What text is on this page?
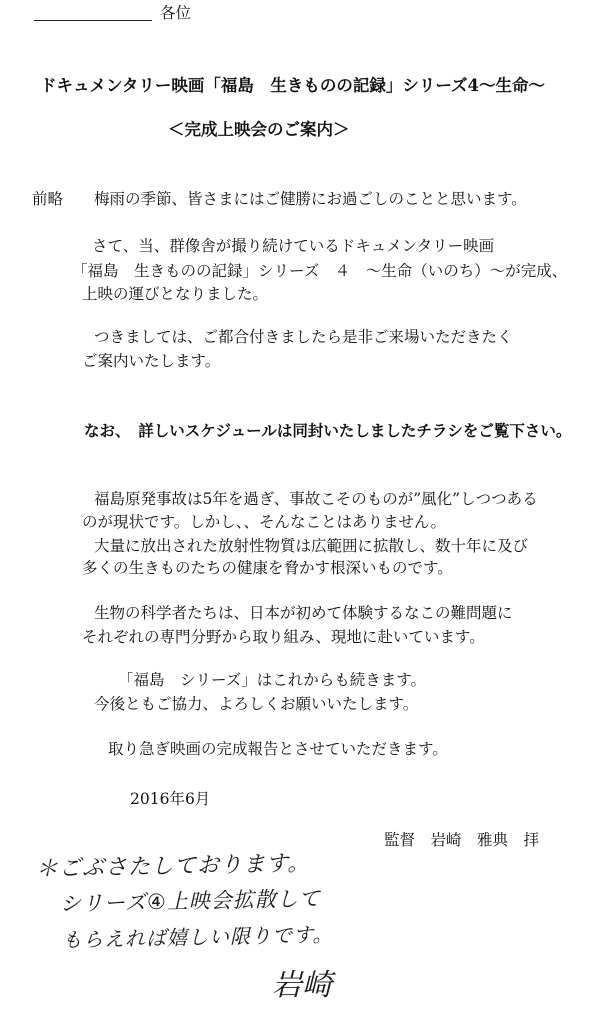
各位
ドキュメンタリー映画「福島　生きものの記録」シリーズ4〜生命〜
＜完成上映会のご案内＞
前略 梅雨の季節、皆さまにはご健勝にお過ごしのことと思います。
さて、当、群像舎が撮り続けているドキュメンタリー映画
「福島　生きものの記録」シリーズ　４　〜生命（いのち）〜が完成、
上映の運びとなりました。
つきましては、ご都合付きましたら是非ご来場いただきたく
ご案内いたします。
なお、　詳しいスケジュールは同封いたしましたチラシをご覧下さい。
福島原発事故は5年を過ぎ、事故こそのものが”風化”しつつある
のが現状です。しかし、、そんなことはありません。
大量に放出された放射性物質は広範囲に拡散し、数十年に及び
多くの生きものたちの健康を脅かす根深いものです。
生物の科学者たちは、日本が初めて体験するなこの難問題に
それぞれの専門分野から取り組み、現地に赴いています。
「福島　シリーズ」はこれからも続きます。
今後ともご協力、よろしくお願いいたします。
取り急ぎ映画の完成報告とさせていただきます。
2016年6月
監督　岩崎　雅典　拝
＊ごぶさたしております。
シリーズ④上映会拡散して
もらえれば嬉しい限りです。
岩崎
